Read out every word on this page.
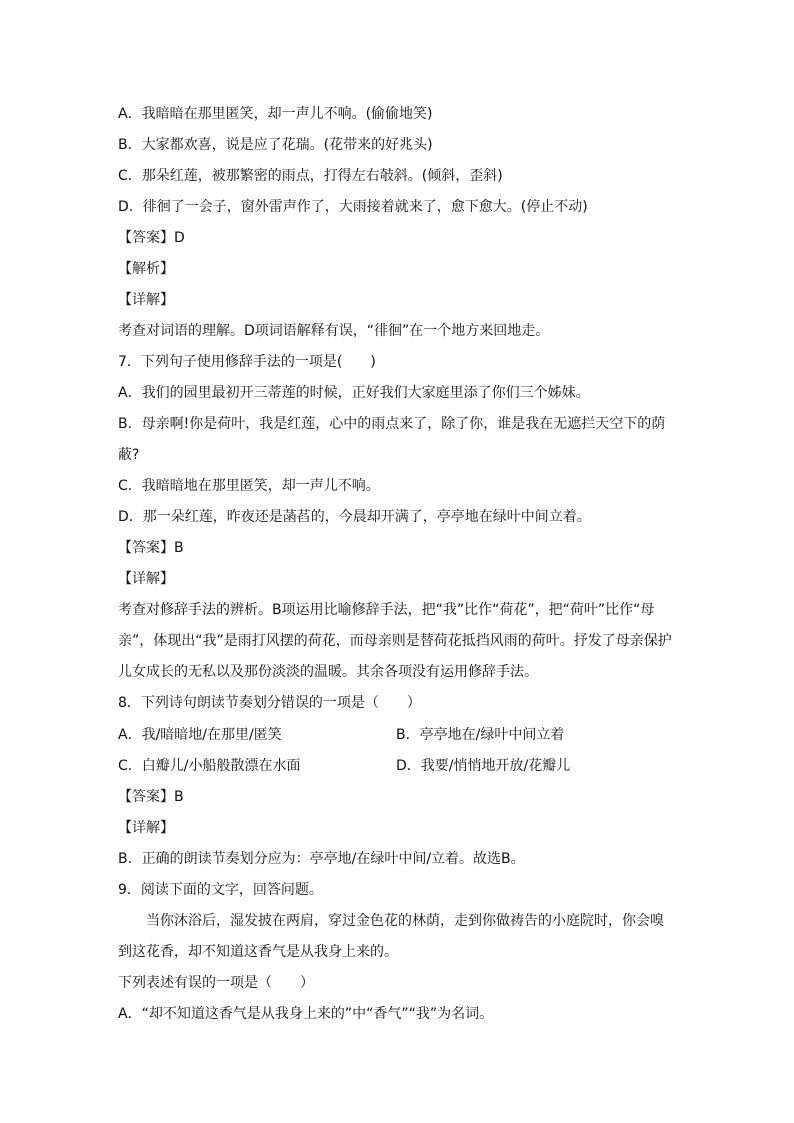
A．我暗暗在那里匿笑，却一声儿不响。(偷偷地笑)
B．大家都欢喜，说是应了花瑞。(花带来的好兆头)
C．那朵红莲，被那繁密的雨点，打得左右攲斜。(倾斜，歪斜)
D．徘徊了一会子，窗外雷声作了，大雨接着就来了，愈下愈大。(停止不动)
【答案】D
【解析】
【详解】
考查对词语的理解。D项词语解释有误，“徘徊”在一个地方来回地走。
7．下列句子使用修辞手法的一项是(　　)
A．我们的园里最初开三蒂莲的时候，正好我们大家庭里添了你们三个姊妹。
B．母亲啊!你是荷叶，我是红莲，心中的雨点来了，除了你，谁是我在无遮拦天空下的荫蔽?
C．我暗暗地在那里匿笑，却一声儿不响。
D．那一朵红莲，昨夜还是菡萏的，今晨却开满了，亭亭地在绿叶中间立着。
【答案】B
【详解】
考查对修辞手法的辨析。B项运用比喻修辞手法，把“我”比作“荷花”，把“荷叶”比作“母亲”，体现出“我”是雨打风摆的荷花，而母亲则是替荷花抵挡风雨的荷叶。抒发了母亲保护儿女成长的无私以及那份淡淡的温暖。其余各项没有运用修辞手法。
8．下列诗句朗读节奏划分错误的一项是（　　）
A．我/暗暗地/在那里/匿笑	B．亭亭地在/绿叶中间立着
C．白瓣儿/小船般散漂在水面	D．我要/悄悄地开放/花瓣儿
【答案】B
【详解】
B．正确的朗读节奏划分应为：亭亭地/在绿叶中间/立着。故选B。
9．阅读下面的文字，回答问题。
当你沐浴后，湿发披在两肩，穿过金色花的林荫，走到你做祷告的小庭院时，你会嗅到这花香，却不知道这香气是从我身上来的。
下列表述有误的一项是（　　）
A．“却不知道这香气是从我身上来的”中“香气”“我”为名词。
